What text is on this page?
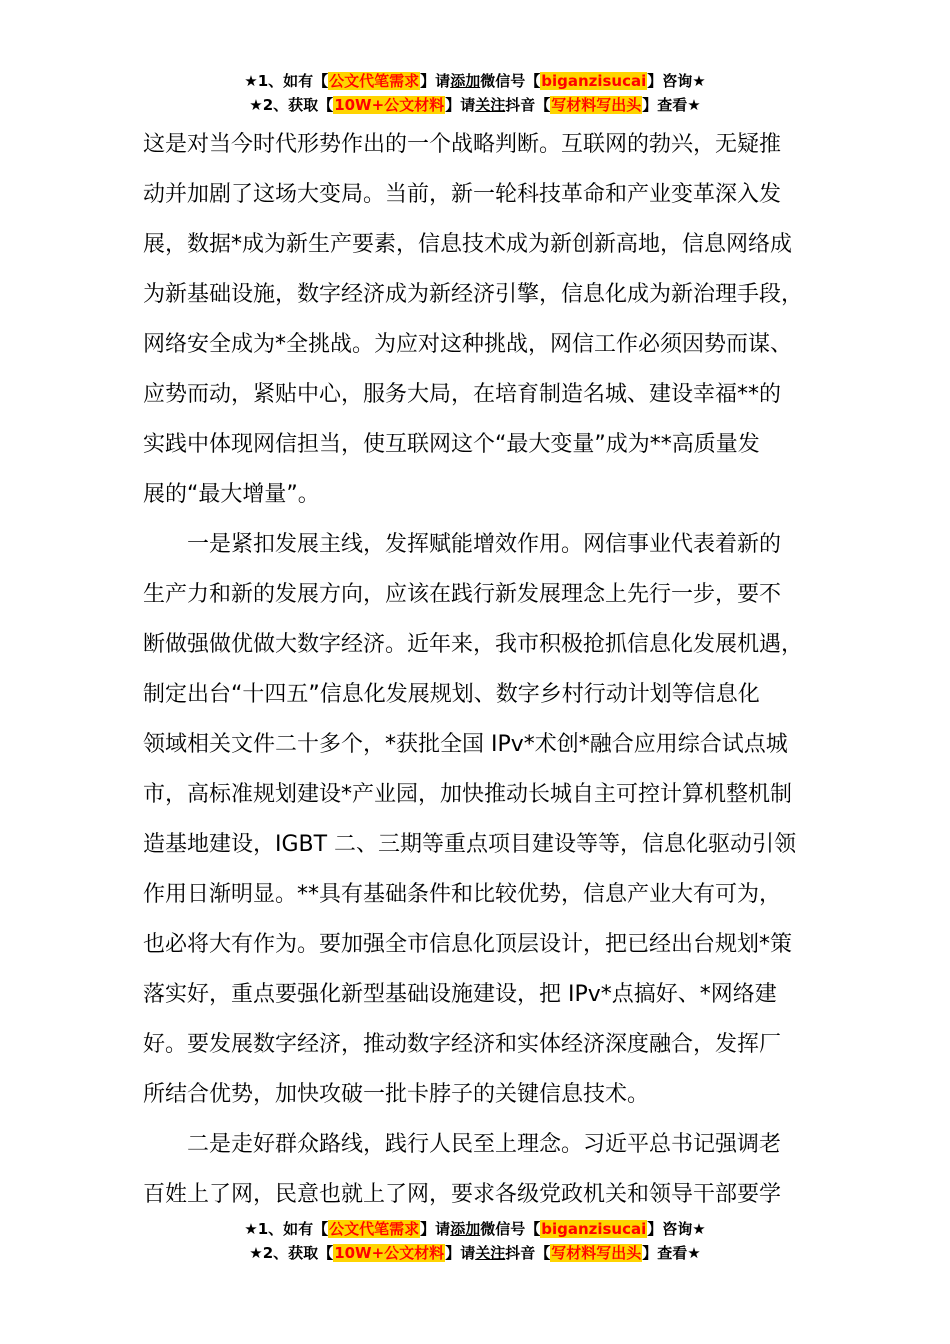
★1、如有【公文代笔需求】请添加微信号【biganzisucai】咨询★
★2、获取【10W+公文材料】请关注抖音【写材料写出头】查看★
这是对当今时代形势作出的一个战略判断。互联网的勃兴，无疑推
动并加剧了这场大变局。当前，新一轮科技革命和产业变革深入发
展，数据*成为新生产要素，信息技术成为新创新高地，信息网络成
为新基础设施，数字经济成为新经济引擎，信息化成为新治理手段，
网络安全成为*全挑战。为应对这种挑战，网信工作必须因势而谋、
应势而动，紧贴中心，服务大局，在培育制造名城、建设幸福**的
实践中体现网信担当，使互联网这个“最大变量”成为**高质量发
展的“最大增量”。
一是紧扣发展主线，发挥赋能增效作用。网信事业代表着新的
生产力和新的发展方向，应该在践行新发展理念上先行一步，要不
断做强做优做大数字经济。近年来，我市积极抢抓信息化发展机遇，
制定出台“十四五”信息化发展规划、数字乡村行动计划等信息化
领域相关文件二十多个，*获批全国 IPv*术创*融合应用综合试点城
市，高标准规划建设*产业园，加快推动长城自主可控计算机整机制
造基地建设，IGBT 二、三期等重点项目建设等等，信息化驱动引领
作用日渐明显。**具有基础条件和比较优势，信息产业大有可为，
也必将大有作为。要加强全市信息化顶层设计，把已经出台规划*策
落实好，重点要强化新型基础设施建设，把 IPv*点搞好、*网络建
好。要发展数字经济，推动数字经济和实体经济深度融合，发挥厂
所结合优势，加快攻破一批卡脖子的关键信息技术。
二是走好群众路线，践行人民至上理念。习近平总书记强调老
百姓上了网，民意也就上了网，要求各级党政机关和领导干部要学
★1、如有【公文代笔需求】请添加微信号【biganzisucai】咨询★
★2、获取【10W+公文材料】请关注抖音【写材料写出头】查看★
